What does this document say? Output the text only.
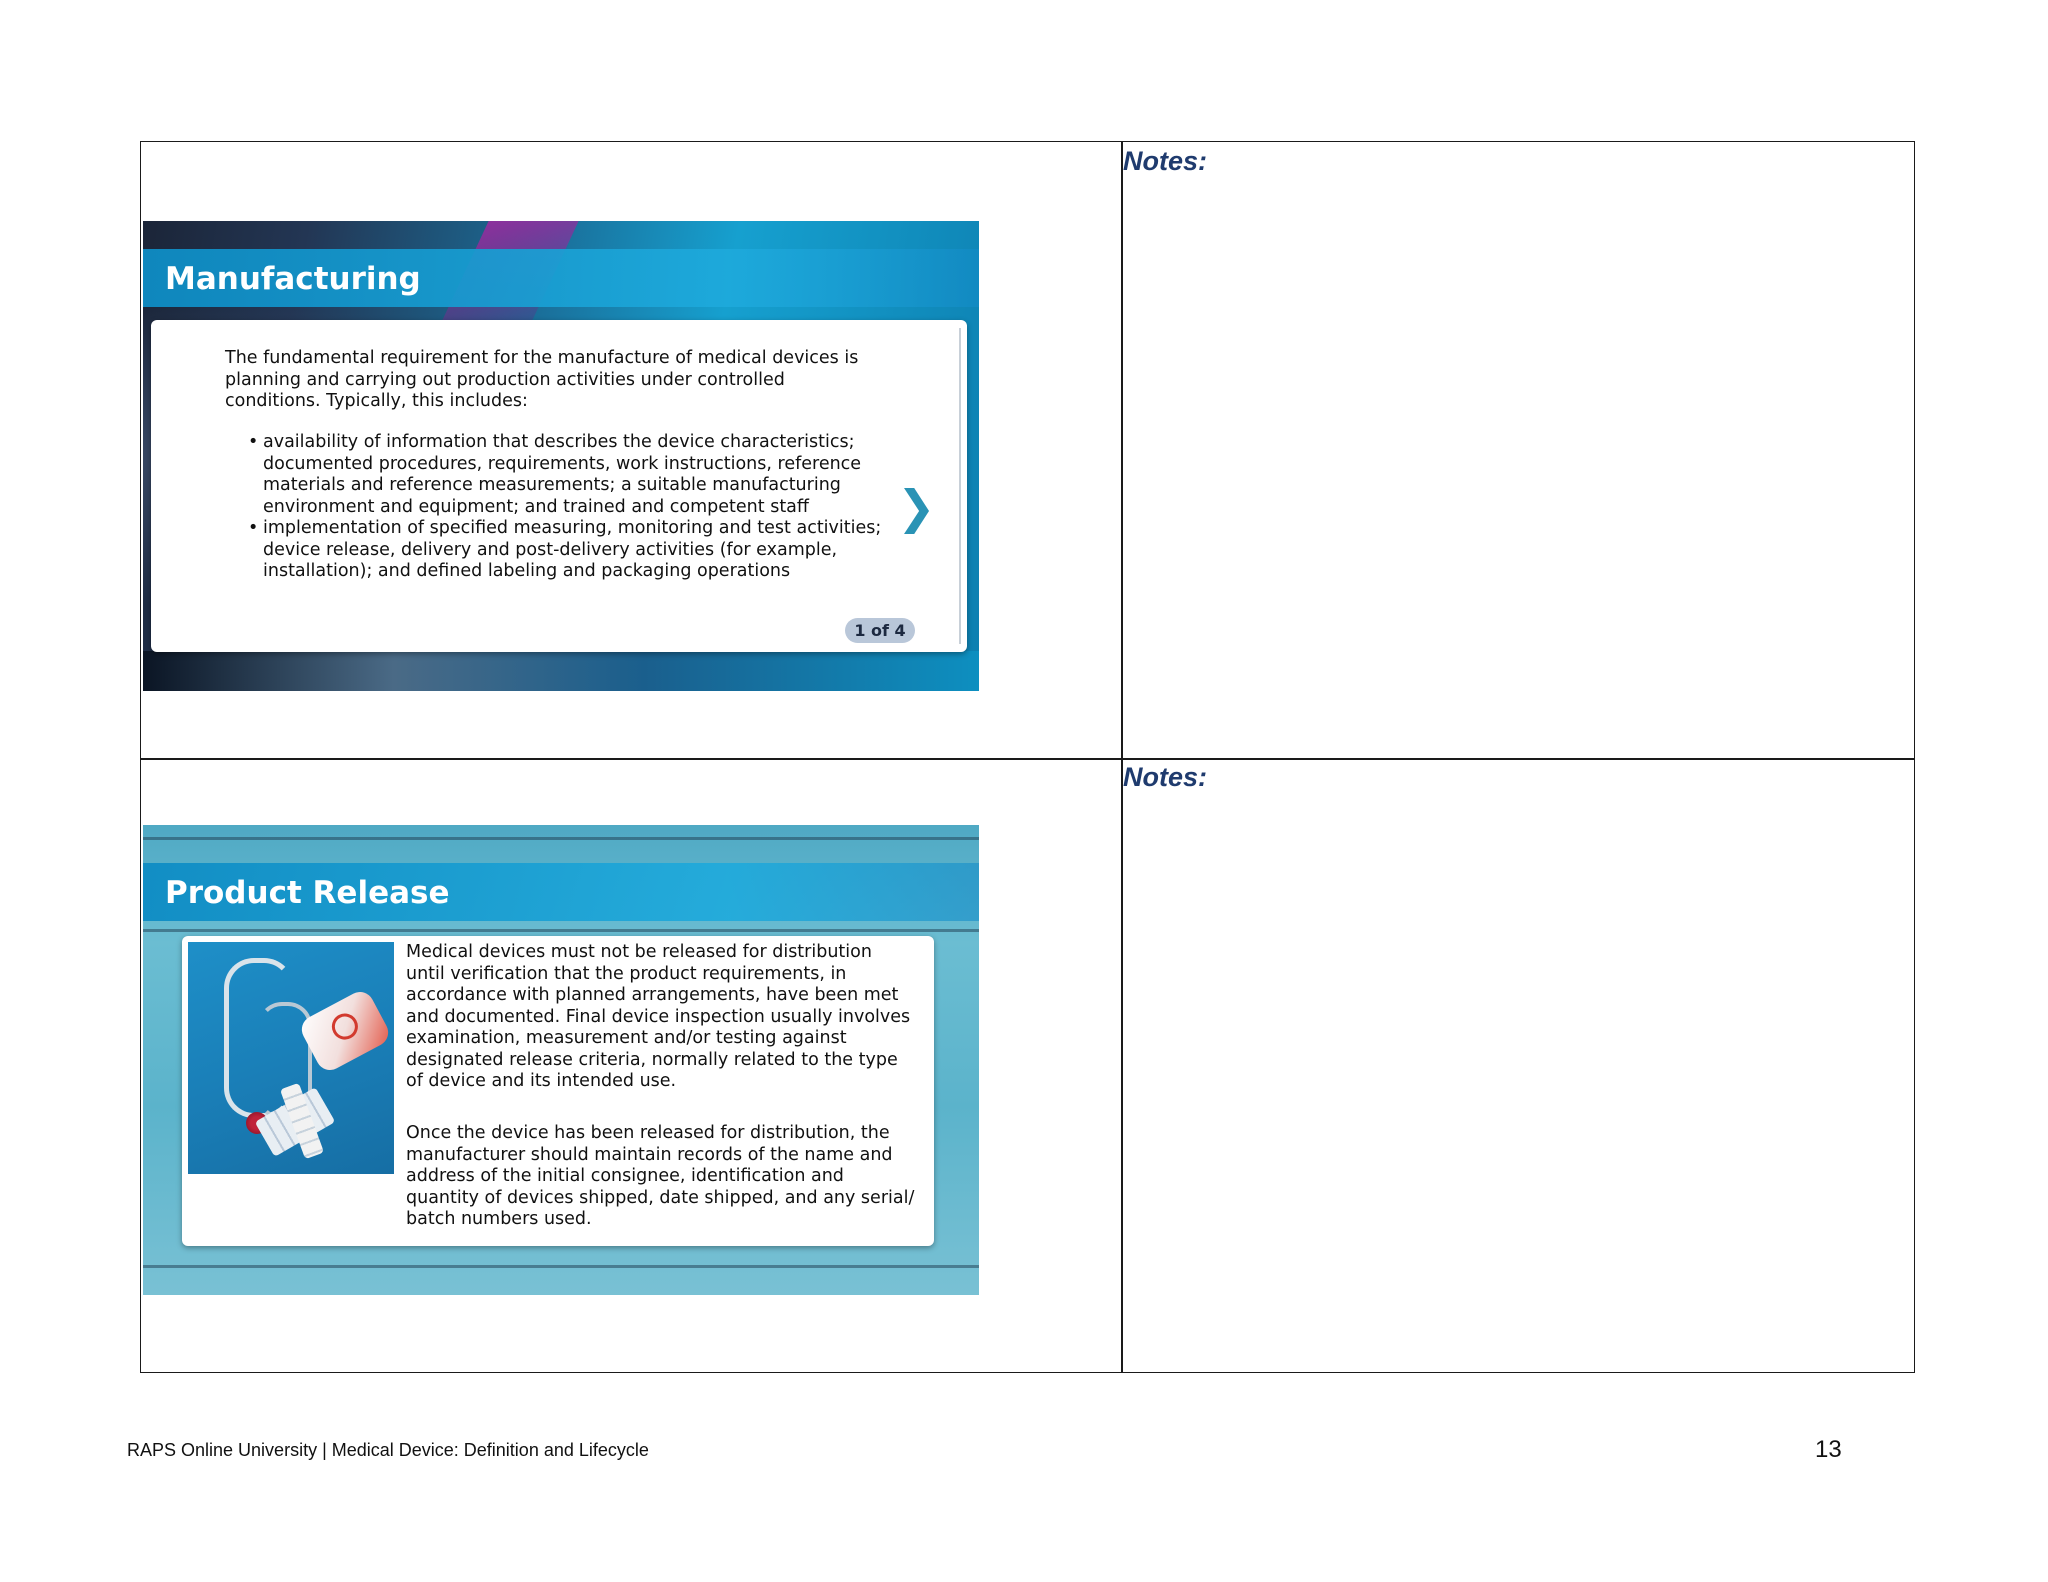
Manufacturing
The fundamental requirement for the manufacture of medical devices is planning and carrying out production activities under controlled conditions. Typically, this includes:
• availability of information that describes the device characteristics; documented procedures, requirements, work instructions, reference materials and reference measurements; a suitable manufacturing environment and equipment; and trained and competent staff
• implementation of specified measuring, monitoring and test activities; device release, delivery and post-delivery activities (for example, installation); and defined labeling and packaging operations
❯
1 of 4
Notes:
Product Release
Medical devices must not be released for distribution until verification that the product requirements, in accordance with planned arrangements, have been met and documented. Final device inspection usually involves examination, measurement and/or testing against designated release criteria, normally related to the type of device and its intended use.
Once the device has been released for distribution, the manufacturer should maintain records of the name and address of the initial consignee, identification and quantity of devices shipped, date shipped, and any serial/ batch numbers used.
Notes:
RAPS Online University | Medical Device: Definition and Lifecycle	13
